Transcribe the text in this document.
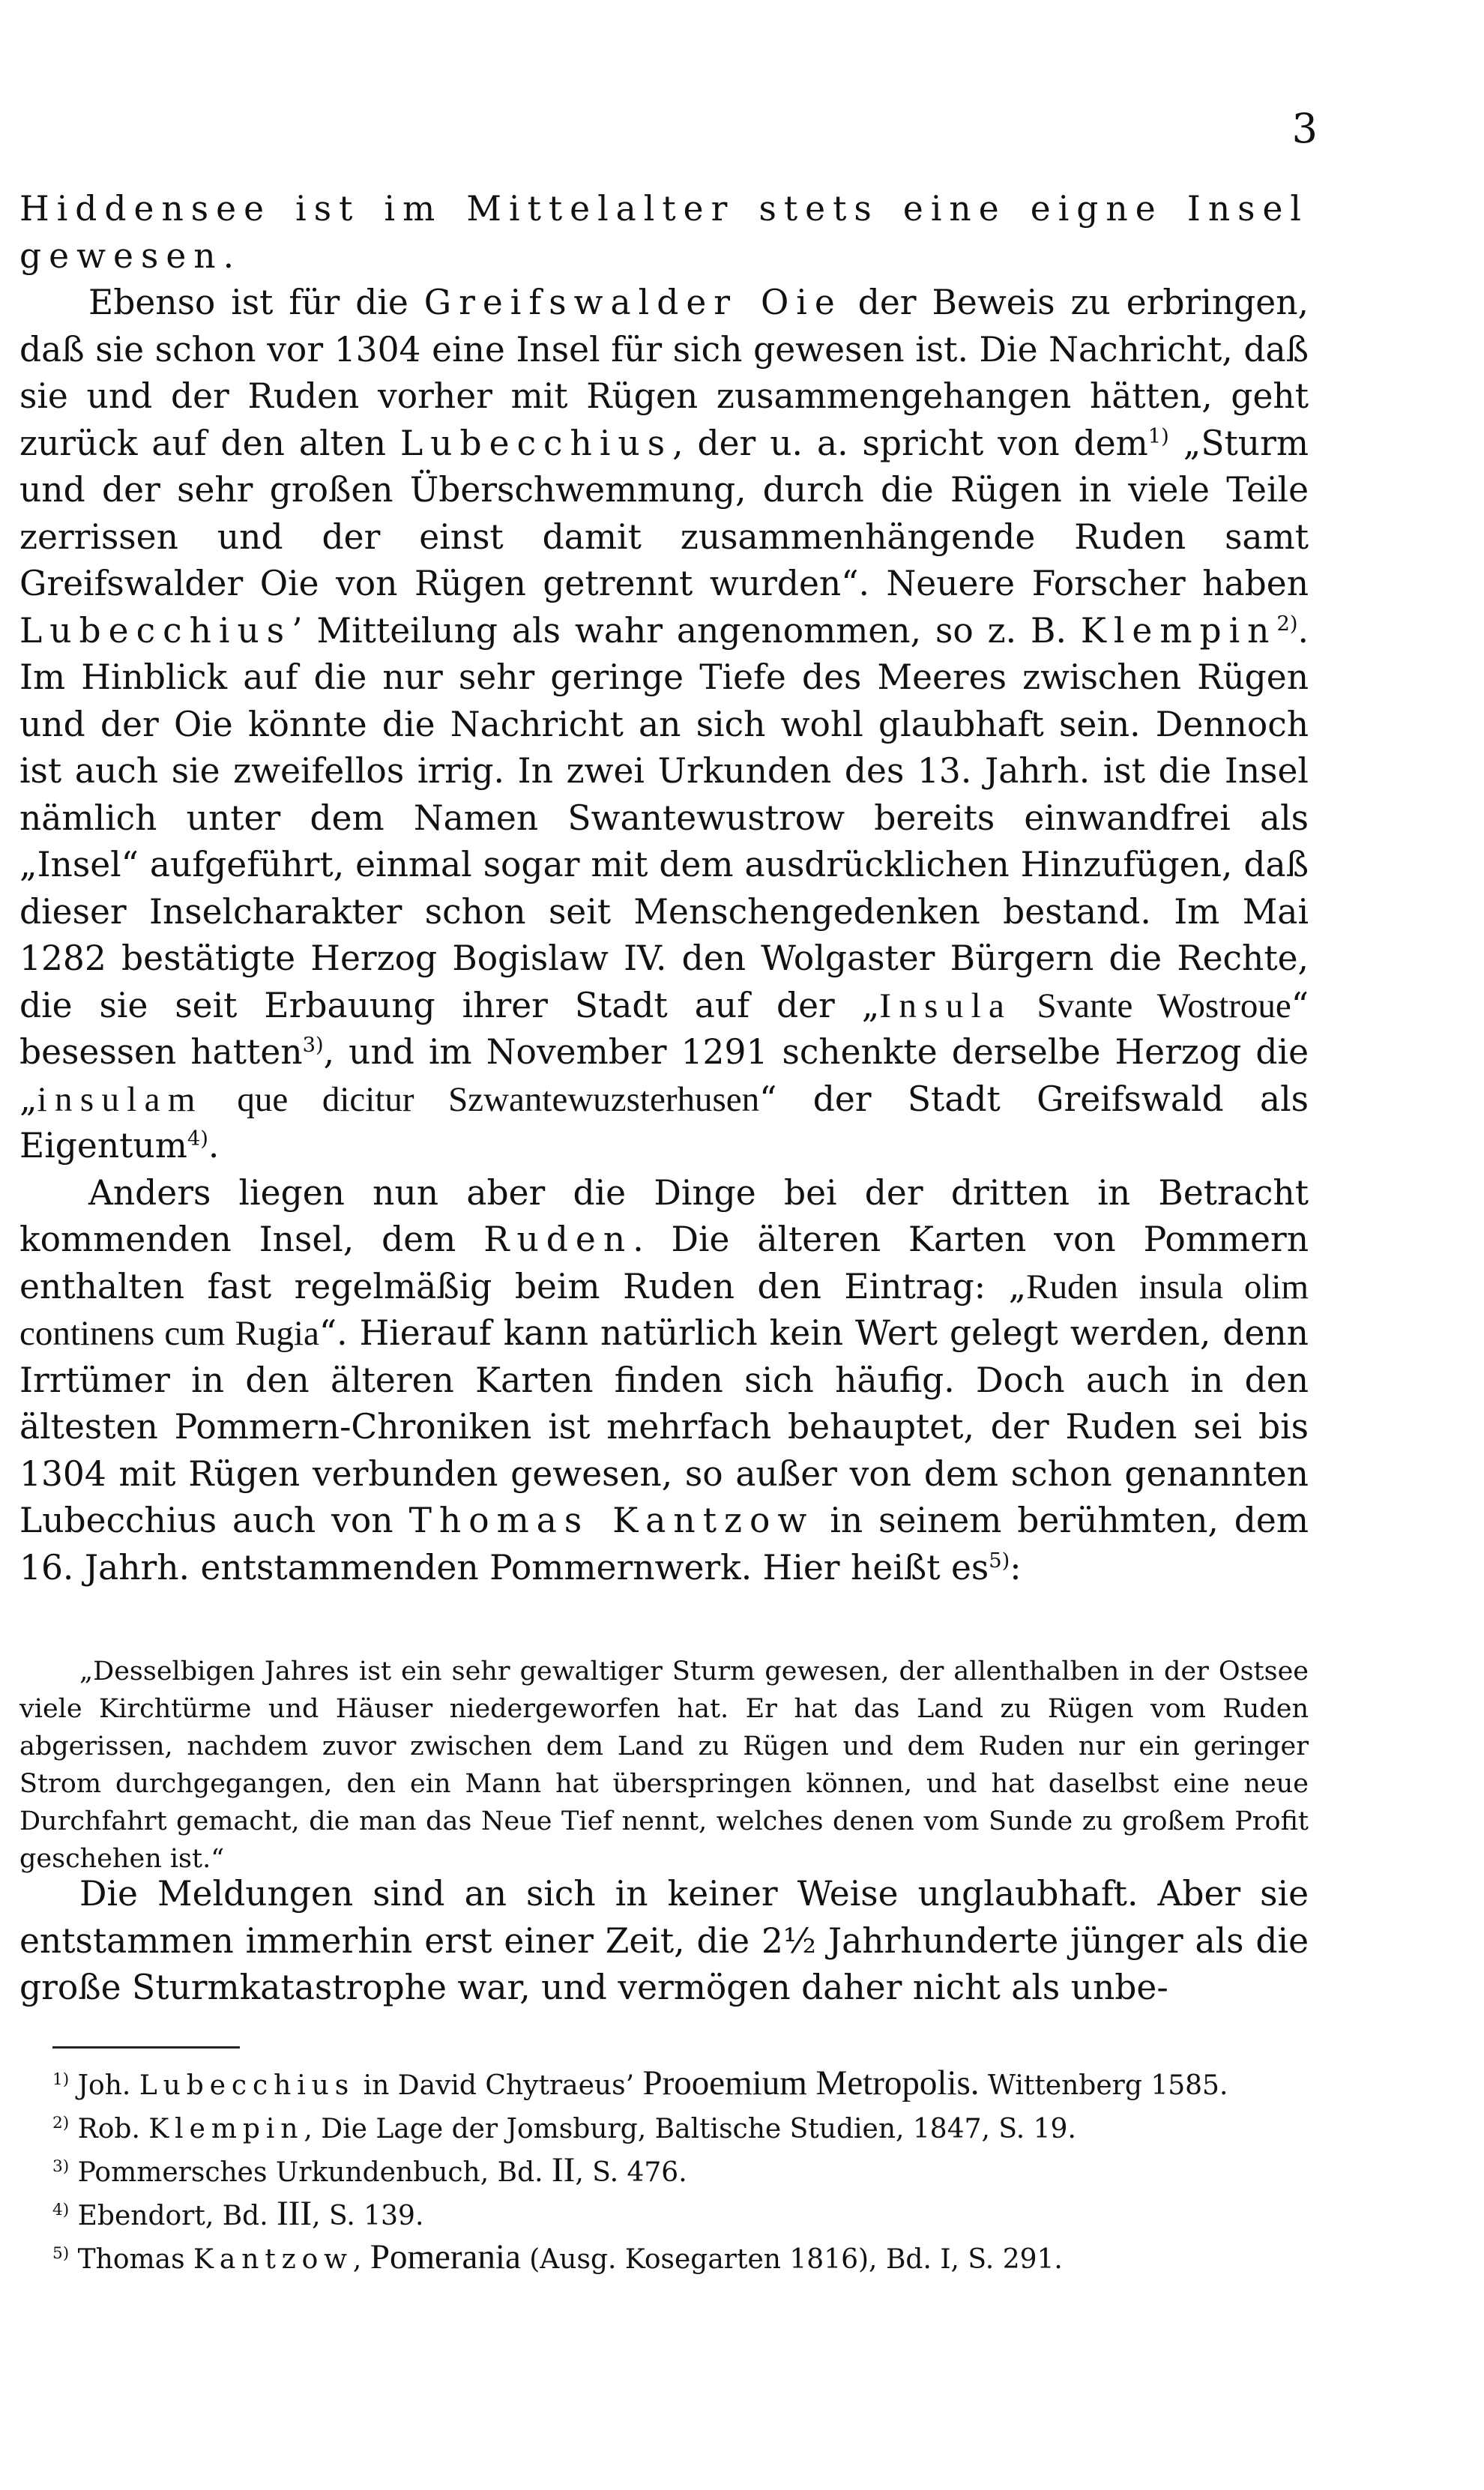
3

Hiddensee ist im Mittelalter stets eine eigne Insel gewesen.

Ebenso ist für die Greifswalder Oie der Beweis zu erbringen, daß sie schon vor 1304 eine Insel für sich gewesen ist. Die Nachricht, daß sie und der Ruden vorher mit Rügen zusammengehangen hätten, geht zurück auf den alten Lubecchius, der u. a. spricht von dem$^{1)}$ „Sturm und der sehr großen Überschwemmung, durch die Rügen in viele Teile zerrissen und der einst damit zusammenhängende Ruden samt Greifswalder Oie von Rügen getrennt wurden“. Neuere Forscher haben Lubecchius’ Mitteilung als wahr angenommen, so z. B. Klempin$^{2)}$. Im Hinblick auf die nur sehr geringe Tiefe des Meeres zwischen Rügen und der Oie könnte die Nachricht an sich wohl glaubhaft sein. Dennoch ist auch sie zweifellos irrig. In zwei Urkunden des 13. Jahrh. ist die Insel nämlich unter dem Namen Swantewustrow bereits einwandfrei als „Insel“ aufgeführt, einmal sogar mit dem ausdrücklichen Hinzufügen, daß dieser Inselcharakter schon seit Menschengedenken bestand. Im Mai 1282 bestätigte Herzog Bogislaw IV. den Wolgaster Bürgern die Rechte, die sie seit Erbauung ihrer Stadt auf der „Insula Svante Wostroue“ besessen hatten$^{3)}$, und im November 1291 schenkte derselbe Herzog die „insulam que dicitur Szwantewuzsterhusen“ der Stadt Greifswald als Eigentum$^{4)}$.

Anders liegen nun aber die Dinge bei der dritten in Betracht kommenden Insel, dem Ruden. Die älteren Karten von Pommern enthalten fast regelmäßig beim Ruden den Eintrag: „Ruden insula olim continens cum Rugia“. Hierauf kann natürlich kein Wert gelegt werden, denn Irrtümer in den älteren Karten finden sich häufig. Doch auch in den ältesten Pommern-Chroniken ist mehrfach behauptet, der Ruden sei bis 1304 mit Rügen verbunden gewesen, so außer von dem schon genannten Lubecchius auch von Thomas Kantzow in seinem berühmten, dem 16. Jahrh. entstammenden Pommernwerk. Hier heißt $es^{5)}$:

„Desselbigen Jahres ist ein sehr gewaltiger Sturm gewesen, der allenthalben in der Ostsee viele Kirchtürme und Häuser niedergeworfen hat. Er hat das Land zu Rügen vom Ruden abgerissen, nachdem zuvor zwischen dem Land zu Rügen und dem Ruden nur ein geringer Strom durchgegangen, den ein Mann hat überspringen können, und hat daselbst eine neue Durchfahrt gemacht, die man das Neue Tief nennt, welches denen vom Sunde zu großem Profit geschehen ist.“

Die Meldungen sind an sich in keiner Weise unglaubhaft. Aber sie entstammen immerhin erst einer Zeit, die 2½ Jahrhunderte jünger als die große Sturmkatastrophe war, und vermögen daher nicht als unbe-

$^{1)}$ Joh. Lubecchius in David Chytraeus’ Prooemium Metropolis. Wittenberg 1585.
$^{2)}$ Rob. Klempin, Die Lage der Jomsburg, Baltische Studien, 1847, S. 19.
$^{3)}$ Pommersches Urkundenbuch, Bd. II, S. 476.
$^{4)}$ Ebendort, Bd. III, S. 139.
$^{5)}$ Thomas Kantzow, Pomerania (Ausg. Kosegarten 1816), Bd. I, S. 291.
